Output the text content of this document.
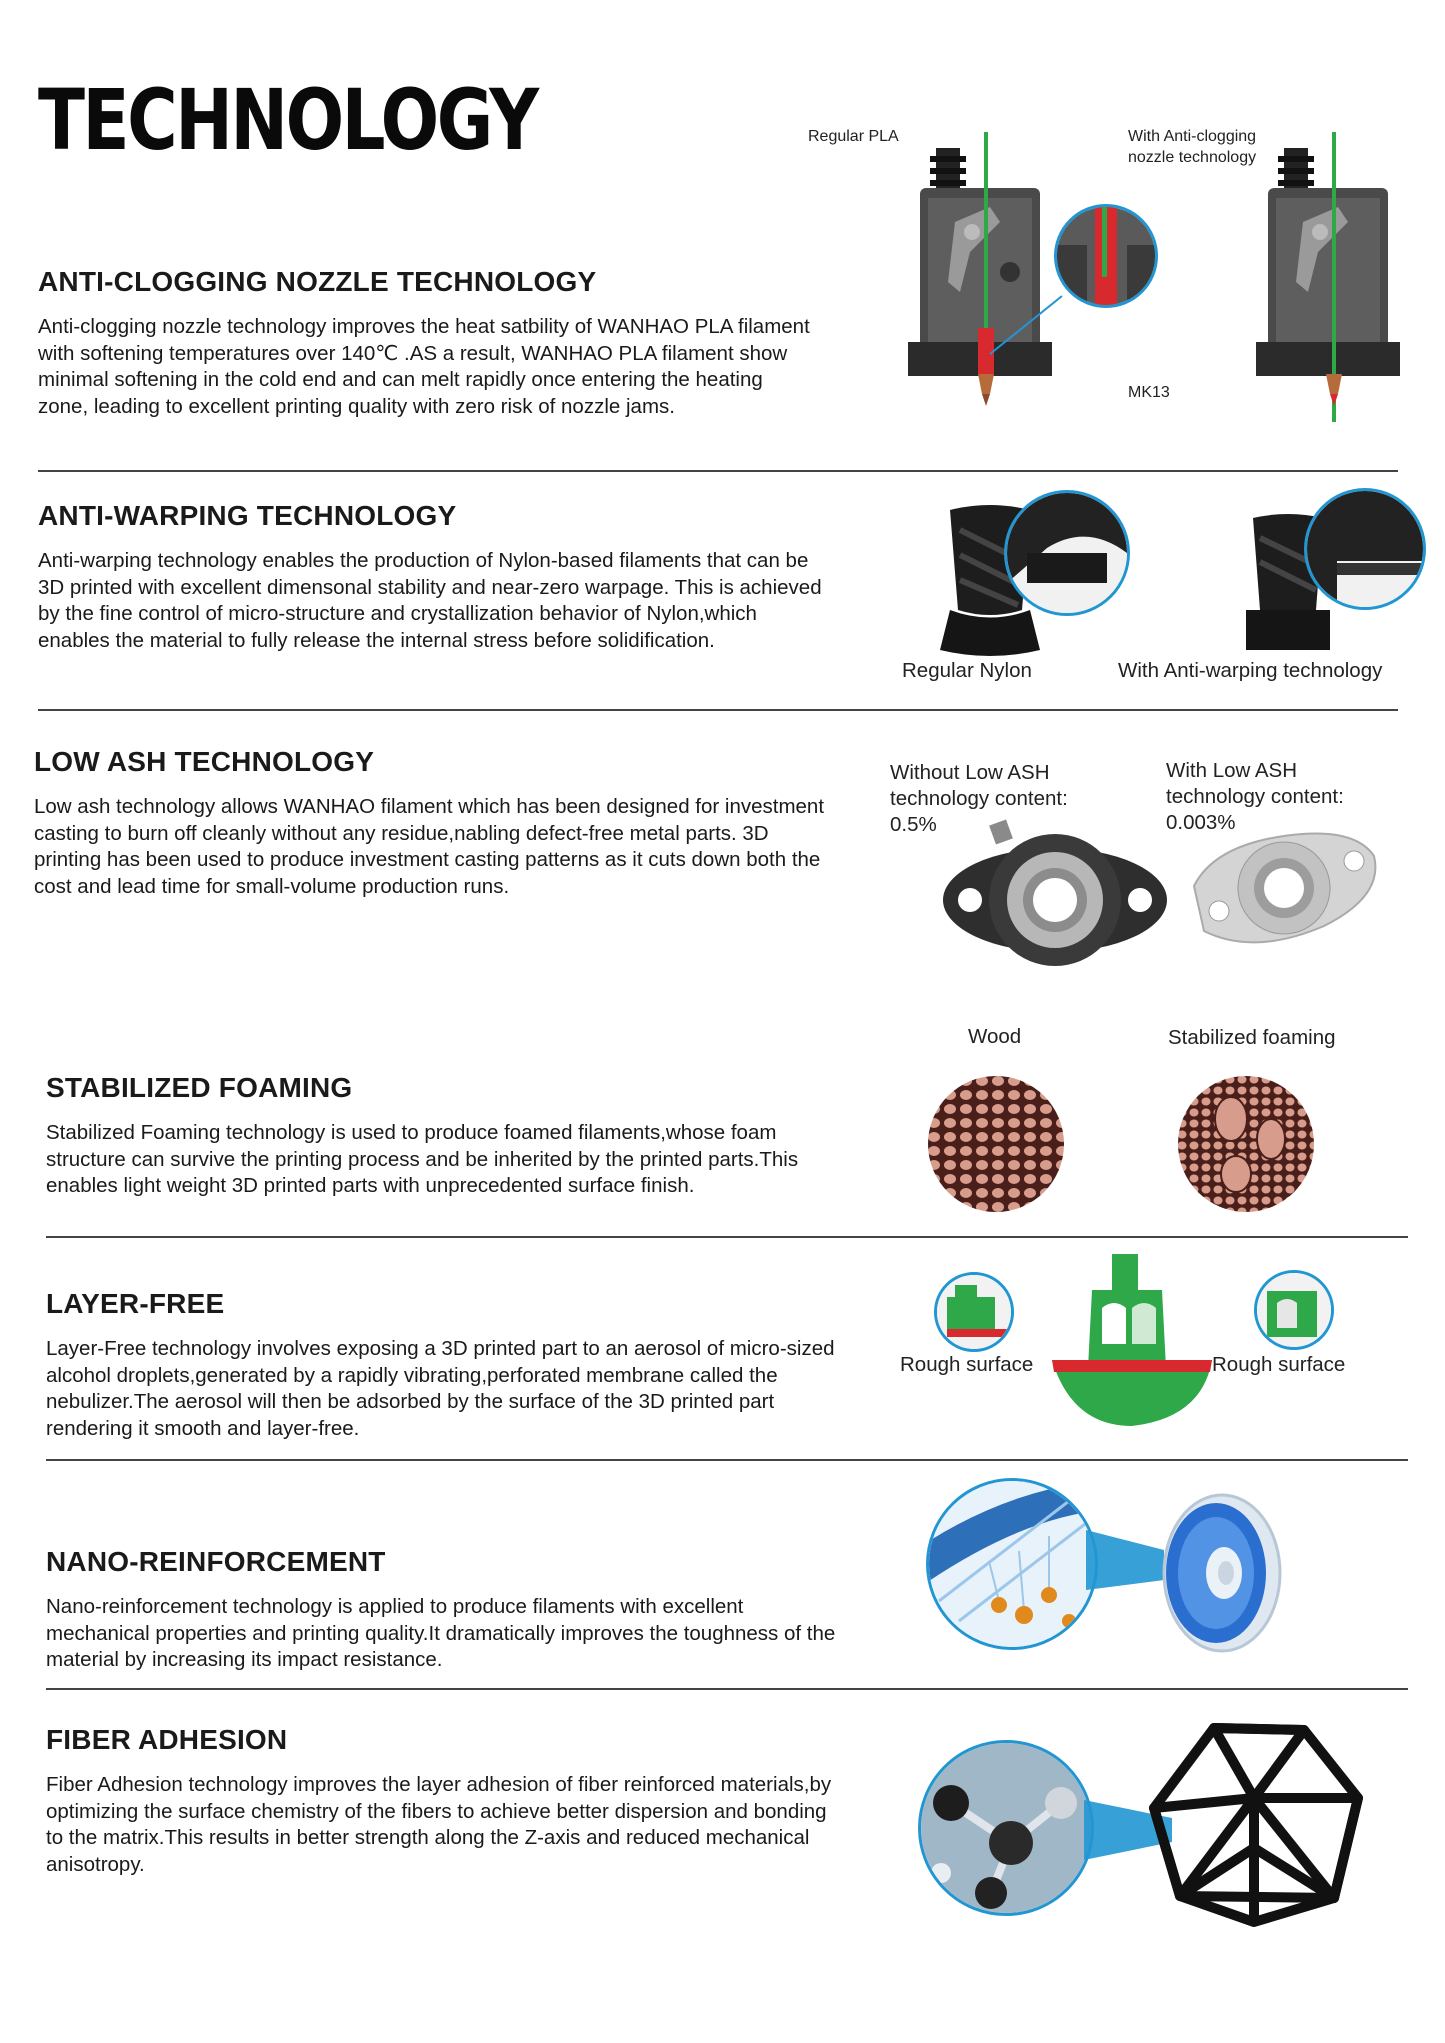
TECHNOLOGY
ANTI-CLOGGING NOZZLE TECHNOLOGY
Anti-clogging nozzle technology improves the heat satbility of WANHAO PLA filament with softening temperatures over 140℃ .AS a result, WANHAO PLA filament show minimal softening in the cold end and can melt rapidly once entering the heating zone, leading to excellent printing quality with zero risk of nozzle jams.
Regular PLA	With Anti-clogging
nozzle technology
MK13
ANTI-WARPING TECHNOLOGY
Anti-warping technology enables the production of Nylon-based filaments that can be 3D printed with excellent dimensonal stability and near-zero warpage. This is achieved by the fine control of micro-structure and crystallization behavior of Nylon,which enables the material to fully release the internal stress before solidification.
Regular Nylon	With Anti-warping technology
LOW ASH TECHNOLOGY
Low ash technology allows WANHAO filament which has been designed for investment casting to burn off cleanly without any residue,nabling defect-free metal parts. 3D printing has been used to produce investment casting patterns as it cuts down both the cost and lead time for small-volume production runs.
Without Low ASH
technology content:
0.5%
With Low ASH
technology content:
0.003%
Wood	Stabilized foaming
STABILIZED FOAMING
Stabilized Foaming technology is used to produce foamed filaments,whose foam structure can survive the printing process and be inherited by the printed parts.This enables light weight 3D printed parts with unprecedented surface finish.
LAYER-FREE
Layer-Free technology involves exposing a 3D printed part to an aerosol of micro-sized alcohol droplets,generated by a rapidly vibrating,perforated membrane called the nebulizer.The aerosol will then be adsorbed by the surface of the 3D printed part rendering it smooth and layer-free.
Rough surface	Rough surface
NANO-REINFORCEMENT
Nano-reinforcement technology is applied to produce filaments with excellent mechanical properties and printing quality.It dramatically improves the toughness of the material by increasing its impact resistance.
FIBER ADHESION
Fiber Adhesion technology improves the layer adhesion of fiber reinforced materials,by optimizing the surface chemistry of the fibers to achieve better dispersion and bonding to the matrix.This results in better strength along the Z-axis and reduced mechanical anisotropy.
